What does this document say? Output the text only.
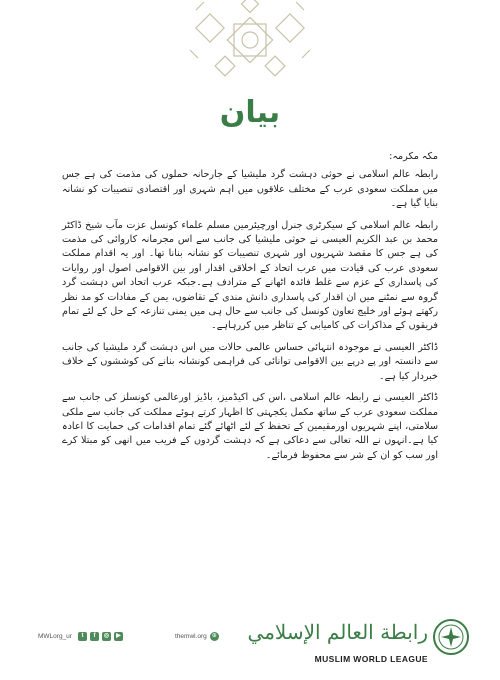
بیان

مکہ مکرمہ:

رابطہ عالم اسلامی نے حوثی دہشت گرد ملیشیا کے جارحانہ حملوں کی مذمت کی ہے جس میں مملکت سعودی عرب کے مختلف علاقوں میں اہم شہری اور اقتصادی تنصیبات کو نشانہ بنایا گیا ہے۔

رابطہ عالم اسلامی کے سیکرٹری جنرل اورچیئرمین مسلم علماء کونسل عزت مآب شیخ ڈاکٹر محمد بن عبد الکریم العیسی نے حوثی ملیشیا کی جانب سے اس مجرمانہ کاروائی کی مذمت کی ہے جس کا مقصد شہریوں اور شہری تنصیبات کو نشانہ بنانا تھا۔ اور یہ اقدام مملکت سعودی عرب کی قیادت میں عرب اتحاد کے اخلاقی اقدار اور بین الاقوامی اصول اور روایات کی پاسداری کے عزم سے غلط فائدہ اٹھانے کے مترادف ہے۔جبکہ عرب اتحاد اس دہشت گرد گروہ سے نمٹنے میں ان اقدار کی پاسداری دانش مندی کے تقاضوں، یمن کے مفادات کو مد نظر رکھتے ہوئے اور خلیج تعاون کونسل کی جانب سے حال ہی میں یمنی تنازعہ کے حل کے لئے تمام فریقوں کے مذاکرات کی کامیابی کے تناظر میں کررہاہے۔

ڈاکٹر العیسی نے موجودہ انتہائی حساس عالمی حالات میں اس دہشت گرد ملیشیا کی جانب سے دانستہ اور پے درپے بین الاقوامی توانائی کی فراہمی کونشانہ بنانے کی کوششوں کے خلاف خبردار کیا ہے۔

ڈاکٹر العیسی نے رابطہ عالم اسلامی ،اس کی اکیڈمیز، باڈیز اورعالمی کونسلز کی جانب سے مملکت سعودی عرب کے ساتھ مکمل یکجہتی کا اظہار کرتے ہوئے مملکت کی جانب سے ملکی سلامتی، اپنے شہریوں اورمقیمین کے تحفظ کے لئے اٹھائے گئے تمام اقدامات کی حمایت کا اعادہ کیا ہے۔انہوں نے اللہ تعالی سے دعاکی ہے کہ دہشت گردوں کے فریب میں انھی کو مبتلا کرے اور سب کو ان کے شر سے محفوظ فرمائے۔

MWLorg_ur	t	f	◎	▶	themwl.org ⊕ رابطة العالم الإسلامي
MUSLIM WORLD LEAGUE
